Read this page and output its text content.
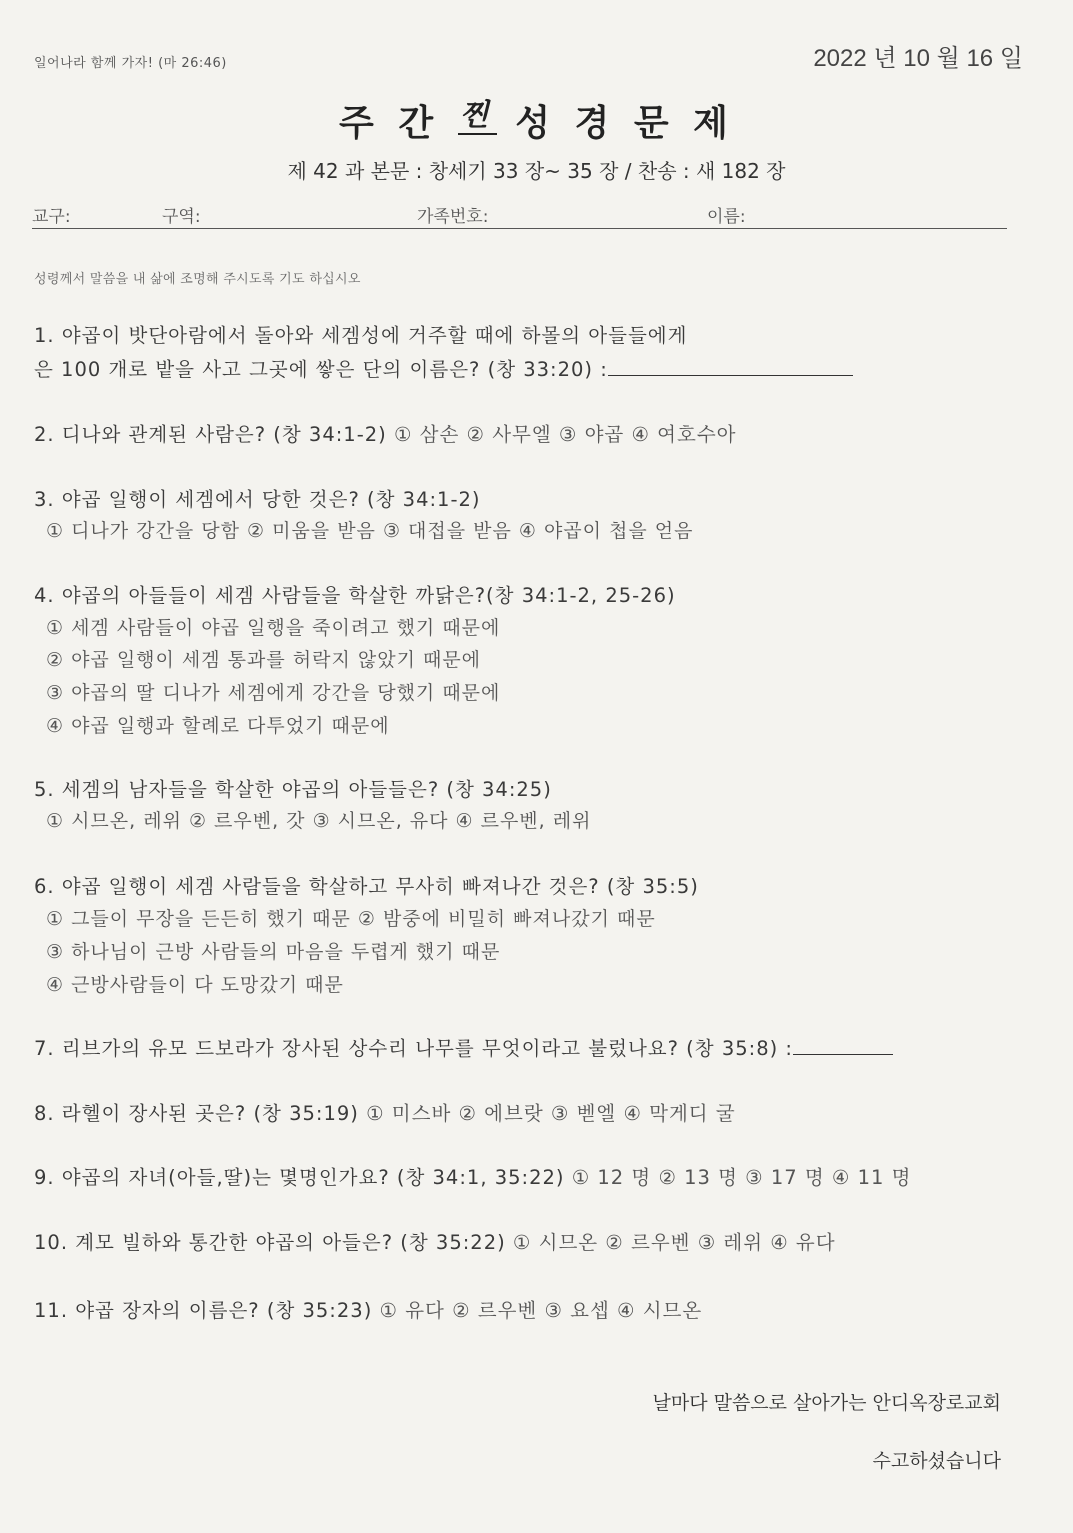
일어나라 함께 가자! (마 26:46)	2022 년 10 월 16 일
주 간 $^찐$ 성 경 문 제
제 42 과 본문 : 창세기 33 장~ 35 장 / 찬송 : 새 182 장
교구:	구역:	가족번호:	이름:
성령께서 말씀을 내 삶에 조명해 주시도록 기도 하십시오
1. 야곱이 밧단아람에서 돌아와 세겜성에 거주할 때에 하몰의 아들들에게
은 100 개로 밭을 사고 그곳에 쌓은 단의 이름은? (창 33:20) :
2. 디나와 관계된 사람은? (창 34:1-2) ① 삼손 ② 사무엘 ③ 야곱 ④ 여호수아
3. 야곱 일행이 세겜에서 당한 것은? (창 34:1-2)
① 디나가 강간을 당함 ② 미움을 받음 ③ 대접을 받음 ④ 야곱이 첩을 얻음
4. 야곱의 아들들이 세겜 사람들을 학살한 까닭은?(창 34:1-2, 25-26)
① 세겜 사람들이 야곱 일행을 죽이려고 했기 때문에
② 야곱 일행이 세겜 통과를 허락지 않았기 때문에
③ 야곱의 딸 디나가 세겜에게 강간을 당했기 때문에
④ 야곱 일행과 할례로 다투었기 때문에
5. 세겜의 남자들을 학살한 야곱의 아들들은? (창 34:25)
① 시므온, 레위 ② 르우벤, 갓 ③ 시므온, 유다 ④ 르우벤, 레위
6. 야곱 일행이 세겜 사람들을 학살하고 무사히 빠져나간 것은? (창 35:5)
① 그들이 무장을 든든히 했기 때문 ② 밤중에 비밀히 빠져나갔기 때문
③ 하나님이 근방 사람들의 마음을 두렵게 했기 때문
④ 근방사람들이 다 도망갔기 때문
7. 리브가의 유모 드보라가 장사된 상수리 나무를 무엇이라고 불렀나요? (창 35:8) :
8. 라헬이 장사된 곳은? (창 35:19) ① 미스바 ② 에브랏 ③ 벧엘 ④ 막게디 굴
9. 야곱의 자녀(아들,딸)는 몇명인가요? (창 34:1, 35:22) ① 12 명 ② 13 명 ③ 17 명 ④ 11 명
10. 계모 빌하와 통간한 야곱의 아들은? (창 35:22) ① 시므온 ② 르우벤 ③ 레위 ④ 유다
11. 야곱 장자의 이름은? (창 35:23) ① 유다 ② 르우벤 ③ 요셉 ④ 시므온
날마다 말씀으로 살아가는 안디옥장로교회
수고하셨습니다
